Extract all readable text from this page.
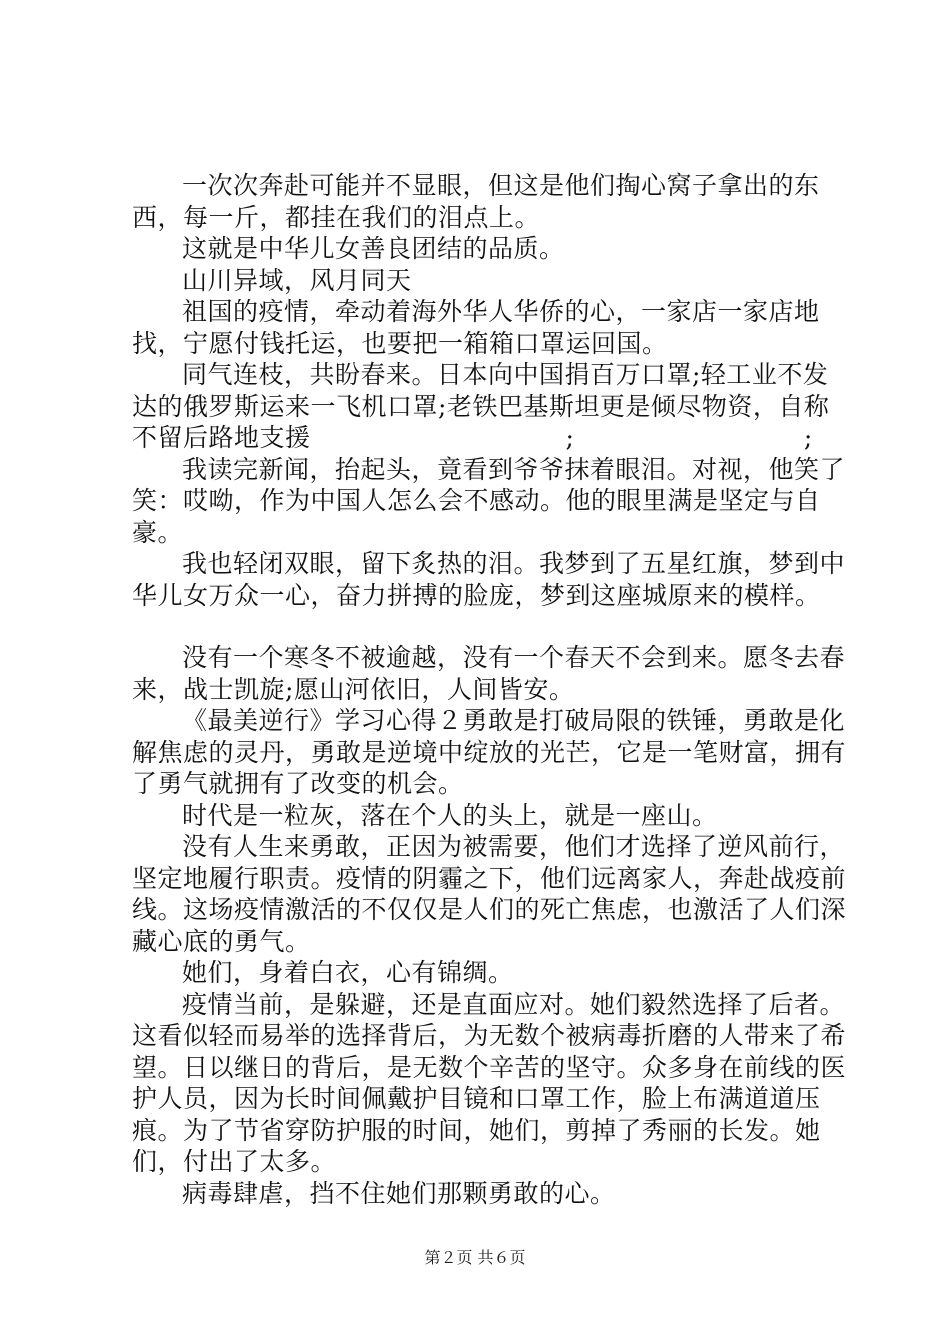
一次次奔赴可能并不显眼，但这是他们掏心窝子拿出的东西，每一斤，都挂在我们的泪点上。

这就是中华儿女善良团结的品质。

山川异域，风月同天

祖国的疫情，牵动着海外华人华侨的心，一家店一家店地找，宁愿付钱托运，也要把一箱箱口罩运回国。

同气连枝，共盼春来。日本向中国捐百万口罩;轻工业不发达的俄罗斯运来一飞机口罩;老铁巴基斯坦更是倾尽物资，自称不留后路地支援　　　　　　　　　　;　　　　　　　　　;

我读完新闻，抬起头，竟看到爷爷抹着眼泪。对视，他笑了笑：哎呦，作为中国人怎么会不感动。他的眼里满是坚定与自豪。

我也轻闭双眼，留下炙热的泪。我梦到了五星红旗，梦到中华儿女万众一心，奋力拼搏的脸庞，梦到这座城原来的模样。

没有一个寒冬不被逾越，没有一个春天不会到来。愿冬去春来，战士凯旋;愿山河依旧，人间皆安。

《最美逆行》学习心得２勇敢是打破局限的铁锤，勇敢是化解焦虑的灵丹，勇敢是逆境中绽放的光芒，它是一笔财富，拥有了勇气就拥有了改变的机会。

时代是一粒灰，落在个人的头上，就是一座山。

没有人生来勇敢，正因为被需要，他们才选择了逆风前行，坚定地履行职责。疫情的阴霾之下，他们远离家人，奔赴战疫前线。这场疫情激活的不仅仅是人们的死亡焦虑，也激活了人们深藏心底的勇气。

她们，身着白衣，心有锦绸。

疫情当前，是躲避，还是直面应对。她们毅然选择了后者。这看似轻而易举的选择背后，为无数个被病毒折磨的人带来了希望。日以继日的背后，是无数个辛苦的坚守。众多身在前线的医护人员，因为长时间佩戴护目镜和口罩工作，脸上布满道道压痕。为了节省穿防护服的时间，她们，剪掉了秀丽的长发。她们，付出了太多。

病毒肆虐，挡不住她们那颗勇敢的心。

第２页 共６页
